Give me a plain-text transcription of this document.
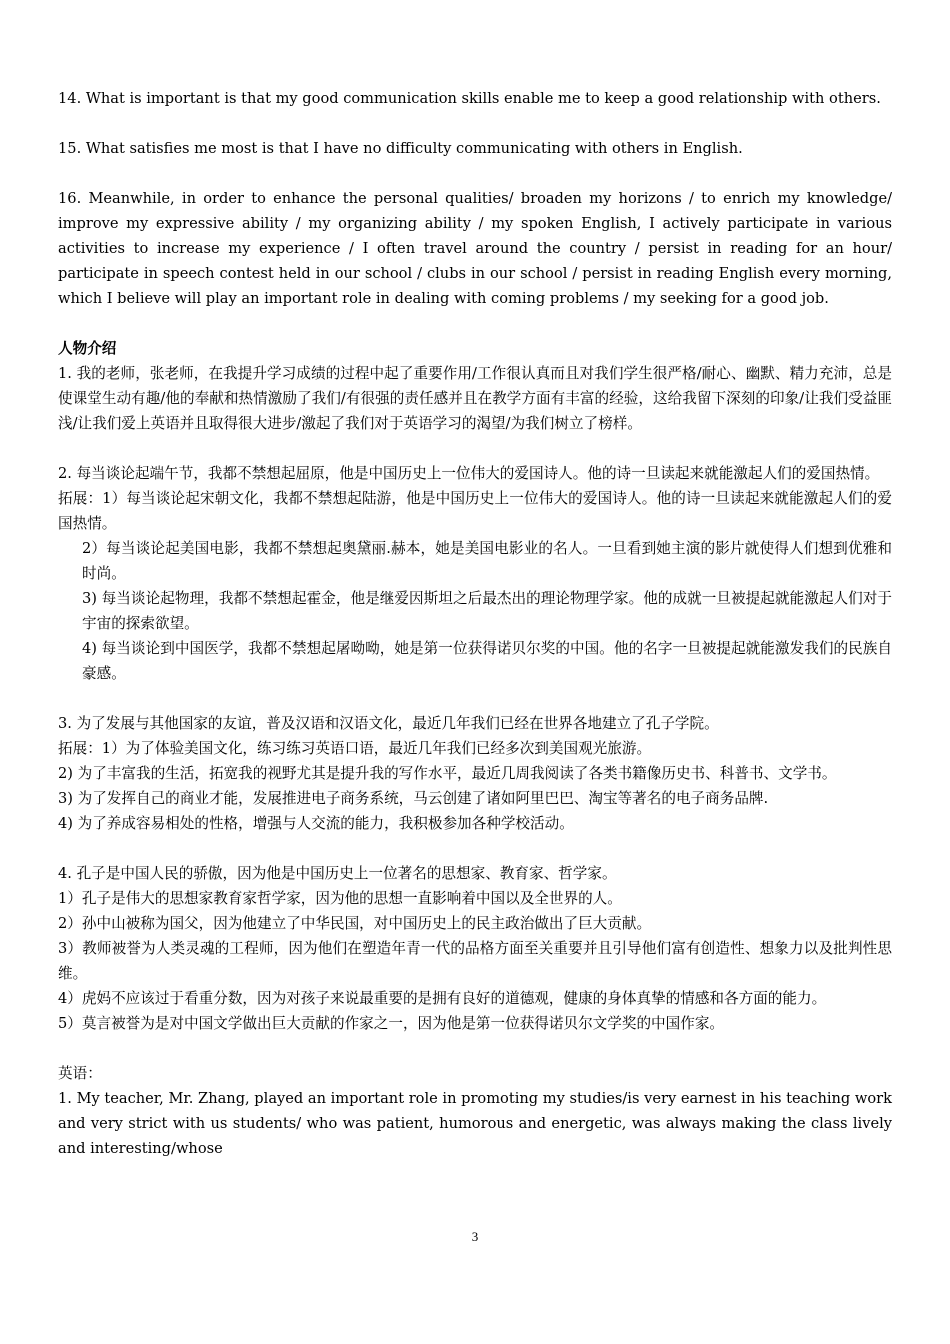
14. What is important is that my good communication skills enable me to keep a good relationship with others.

15. What satisfies me most is that I have no difficulty communicating with others in English.

16. Meanwhile, in order to enhance the personal qualities/ broaden my horizons / to enrich my knowledge/ improve my expressive ability / my organizing ability / my spoken English, I actively participate in various activities to increase my experience / I often travel around the country / persist in reading for an hour/ participate in speech contest held in our school / clubs in our school / persist in reading English every morning, which I believe will play an important role in dealing with coming problems / my seeking for a good job.

人物介绍

1. 我的老师，张老师，在我提升学习成绩的过程中起了重要作用/工作很认真而且对我们学生很严格/耐心、幽默、精力充沛，总是使课堂生动有趣/他的奉献和热情激励了我们/有很强的责任感并且在教学方面有丰富的经验，这给我留下深刻的印象/让我们受益匪浅/让我们爱上英语并且取得很大进步/激起了我们对于英语学习的渴望/为我们树立了榜样。

2. 每当谈论起端午节，我都不禁想起屈原，他是中国历史上一位伟大的爱国诗人。他的诗一旦读起来就能激起人们的爱国热情。

拓展：1）每当谈论起宋朝文化，我都不禁想起陆游，他是中国历史上一位伟大的爱国诗人。他的诗一旦读起来就能激起人们的爱国热情。

2）每当谈论起美国电影，我都不禁想起奥黛丽.赫本，她是美国电影业的名人。一旦看到她主演的影片就使得人们想到优雅和时尚。

3) 每当谈论起物理，我都不禁想起霍金，他是继爱因斯坦之后最杰出的理论物理学家。他的成就一旦被提起就能激起人们对于宇宙的探索欲望。

4) 每当谈论到中国医学，我都不禁想起屠呦呦，她是第一位获得诺贝尔奖的中国。他的名字一旦被提起就能激发我们的民族自豪感。

3. 为了发展与其他国家的友谊，普及汉语和汉语文化，最近几年我们已经在世界各地建立了孔子学院。

拓展：1）为了体验美国文化，练习练习英语口语，最近几年我们已经多次到美国观光旅游。

2) 为了丰富我的生活，拓宽我的视野尤其是提升我的写作水平，最近几周我阅读了各类书籍像历史书、科普书、文学书。

3) 为了发挥自己的商业才能，发展推进电子商务系统，马云创建了诸如阿里巴巴、淘宝等著名的电子商务品牌.

4) 为了养成容易相处的性格，增强与人交流的能力，我积极参加各种学校活动。

4. 孔子是中国人民的骄傲，因为他是中国历史上一位著名的思想家、教育家、哲学家。

1）孔子是伟大的思想家教育家哲学家，因为他的思想一直影响着中国以及全世界的人。

2）孙中山被称为国父，因为他建立了中华民国，对中国历史上的民主政治做出了巨大贡献。

3）教师被誉为人类灵魂的工程师，因为他们在塑造年青一代的品格方面至关重要并且引导他们富有创造性、想象力以及批判性思维。

4）虎妈不应该过于看重分数，因为对孩子来说最重要的是拥有良好的道德观，健康的身体真挚的情感和各方面的能力。

5）莫言被誉为是对中国文学做出巨大贡献的作家之一，因为他是第一位获得诺贝尔文学奖的中国作家。

英语：

1. My teacher, Mr. Zhang, played an important role in promoting my studies/is very earnest in his teaching work and very strict with us students/ who was patient, humorous and energetic, was always making the class lively and interesting/whose

3
